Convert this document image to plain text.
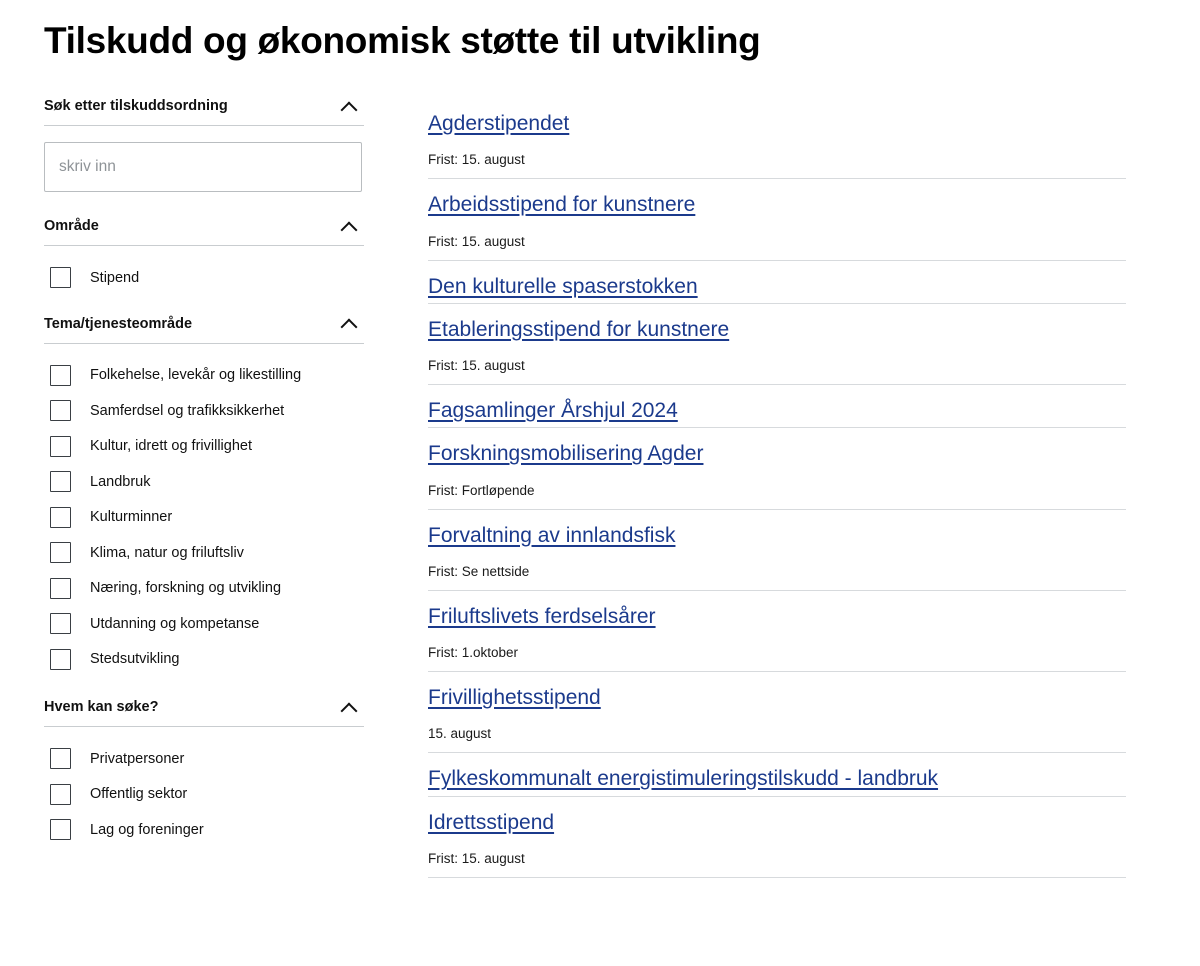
Tilskudd og økonomisk støtte til utvikling
Søk etter tilskuddsordning
skriv inn
Område
Stipend
Tema/tjenesteområde
Folkehelse, levekår og likestilling
Samferdsel og trafikksikkerhet
Kultur, idrett og frivillighet
Landbruk
Kulturminner
Klima, natur og friluftsliv
Næring, forskning og utvikling
Utdanning og kompetanse
Stedsutvikling
Hvem kan søke?
Privatpersoner
Offentlig sektor
Lag og foreninger
Agderstipendet
Frist: 15. august
Arbeidsstipend for kunstnere
Frist: 15. august
Den kulturelle spaserstokken
Etableringsstipend for kunstnere
Frist: 15. august
Fagsamlinger Årshjul 2024
Forskningsmobilisering Agder
Frist: Fortløpende
Forvaltning av innlandsfisk
Frist: Se nettside
Friluftslivets ferdselsårer
Frist: 1.oktober
Frivillighetsstipend
15. august
Fylkeskommunalt energistimuleringstilskudd - landbruk
Idrettsstipend
Frist: 15. august
